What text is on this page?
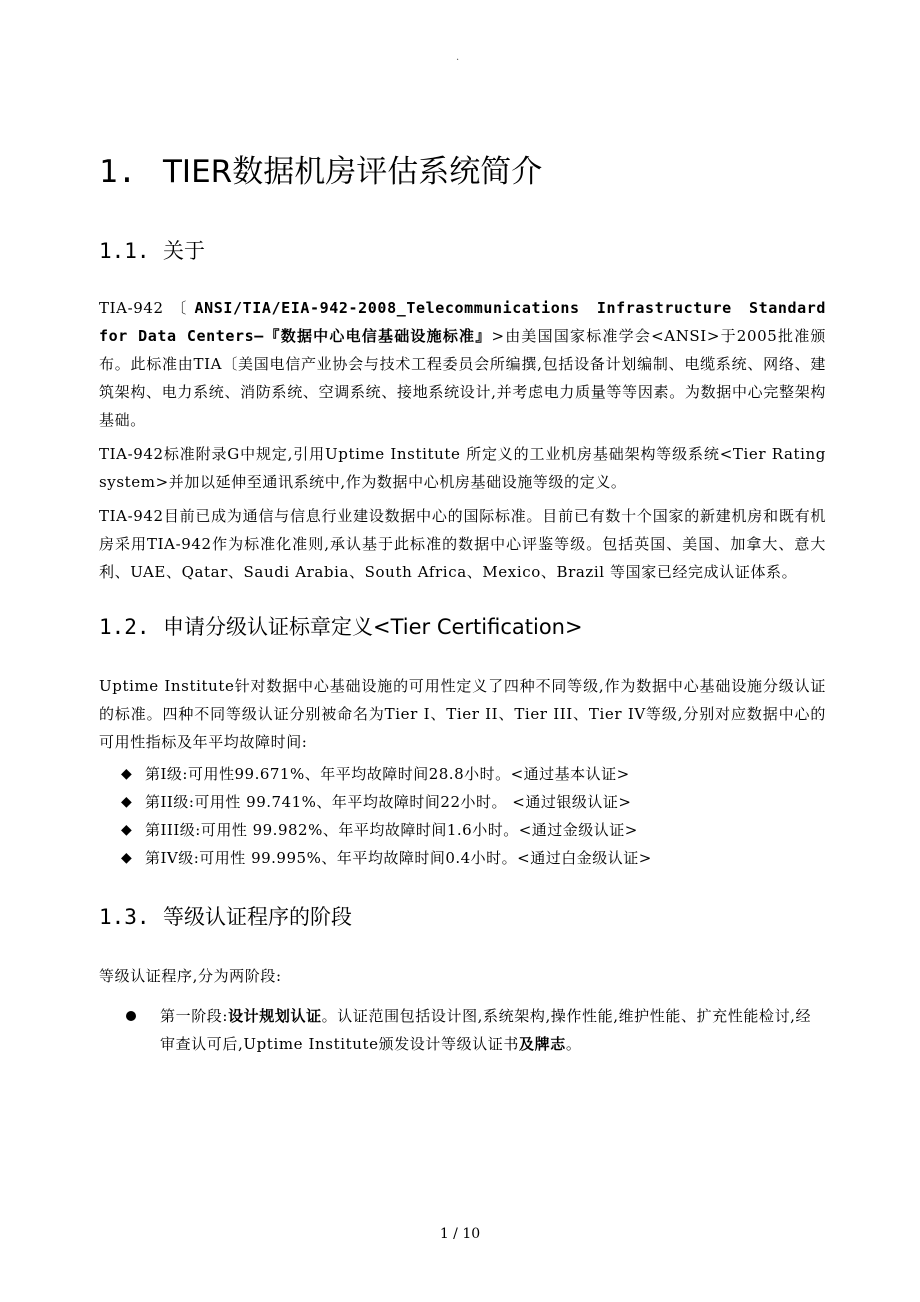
.
1. TIER数据机房评估系统简介
1.1. 关于

TIA-942〔ANSI/TIA/EIA-942-2008_Telecommunications Infrastructure Standard for Data Centers—『数据中心电信基础设施标准』>由美国国家标准学会<ANSI>于2005批准颁布。此标准由TIA〔美国电信产业协会与技术工程委员会所编撰,包括设备计划编制、电缆系统、网络、建筑架构、电力系统、消防系统、空调系统、接地系统设计,并考虑电力质量等等因素。为数据中心完整架构基础。

TIA-942标准附录G中规定,引用Uptime Institute 所定义的工业机房基础架构等级系统<Tier Rating system>并加以延伸至通讯系统中,作为数据中心机房基础设施等级的定义。

TIA-942目前已成为通信与信息行业建设数据中心的国际标准。目前已有数十个国家的新建机房和既有机房采用TIA-942作为标准化准则,承认基于此标准的数据中心评鉴等级。包括英国、美国、加拿大、意大利、UAE、Qatar、Saudi Arabia、South Africa、Mexico、Brazil 等国家已经完成认证体系。

1.2. 申请分级认证标章定义<Tier Certification>

Uptime Institute针对数据中心基础设施的可用性定义了四种不同等级,作为数据中心基础设施分级认证的标准。四种不同等级认证分别被命名为Tier I、Tier II、Tier III、Tier IV等级,分别对应数据中心的可用性指标及年平均故障时间:

◆ 第I级:可用性99.671%、年平均故障时间28.8小时。<通过基本认证>
◆ 第II级:可用性 99.741%、年平均故障时间22小时。 <通过银级认证>
◆ 第III级:可用性 99.982%、年平均故障时间1.6小时。<通过金级认证>
◆ 第IV级:可用性 99.995%、年平均故障时间0.4小时。<通过白金级认证>
1.3. 等级认证程序的阶段

等级认证程序,分为两阶段:

第一阶段:设计规划认证。认证范围包括设计图,系统架构,操作性能,维护性能、扩充性能检讨,经审查认可后,Uptime Institute颁发设计等级认证书及牌志。
1 / 10
